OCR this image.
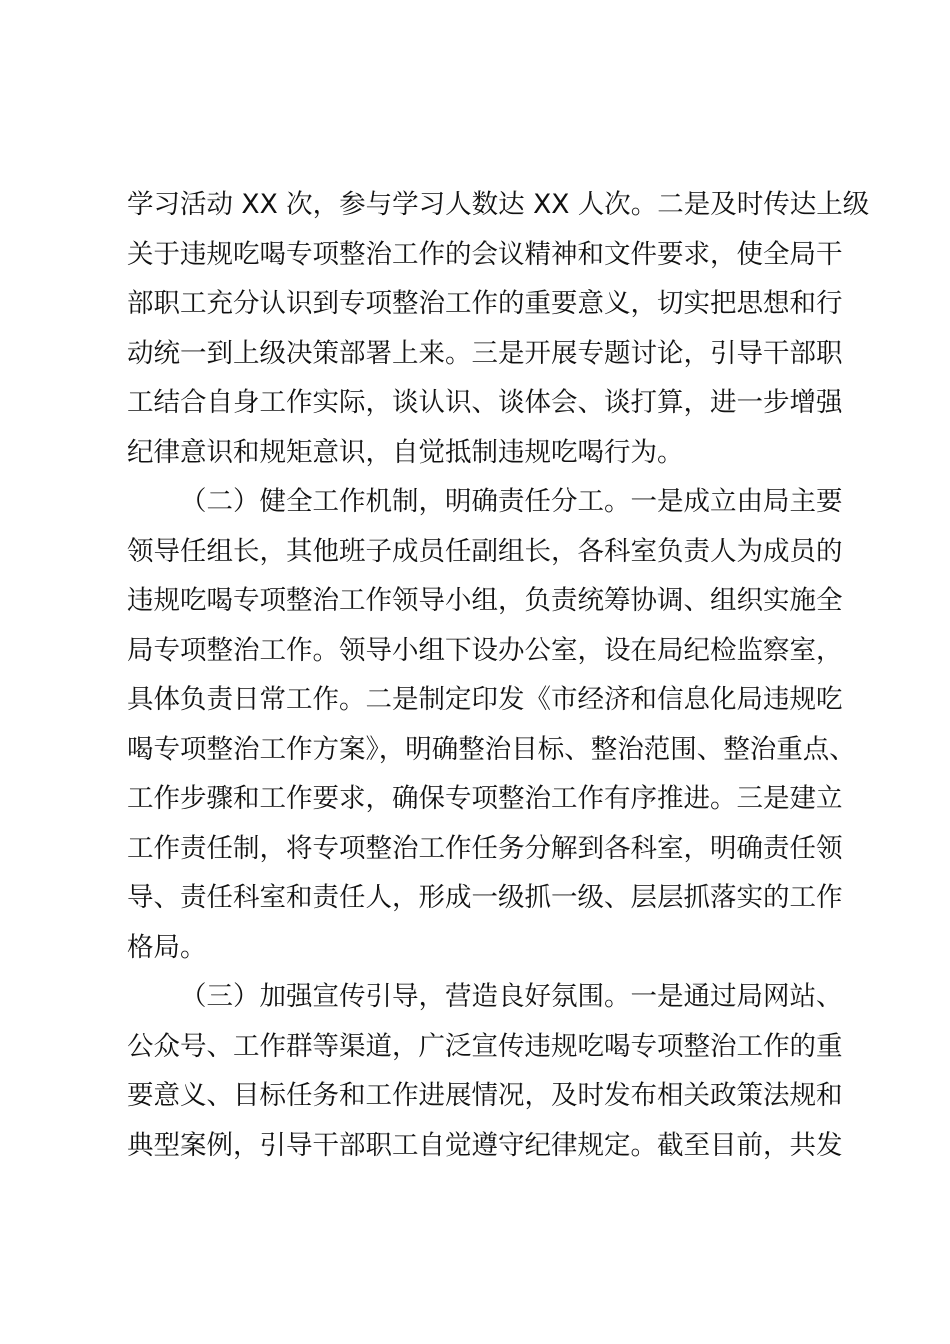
学习活动 XX 次，参与学习人数达 XX 人次。二是及时传达上级
关于违规吃喝专项整治工作的会议精神和文件要求，使全局干
部职工充分认识到专项整治工作的重要意义，切实把思想和行
动统一到上级决策部署上来。三是开展专题讨论，引导干部职
工结合自身工作实际，谈认识、谈体会、谈打算，进一步增强
纪律意识和规矩意识，自觉抵制违规吃喝行为。
（二）健全工作机制，明确责任分工。一是成立由局主要
领导任组长，其他班子成员任副组长，各科室负责人为成员的
违规吃喝专项整治工作领导小组，负责统筹协调、组织实施全
局专项整治工作。领导小组下设办公室，设在局纪检监察室，
具体负责日常工作。二是制定印发《市经济和信息化局违规吃
喝专项整治工作方案》，明确整治目标、整治范围、整治重点、
工作步骤和工作要求，确保专项整治工作有序推进。三是建立
工作责任制，将专项整治工作任务分解到各科室，明确责任领
导、责任科室和责任人，形成一级抓一级、层层抓落实的工作
格局。
（三）加强宣传引导，营造良好氛围。一是通过局网站、
公众号、工作群等渠道，广泛宣传违规吃喝专项整治工作的重
要意义、目标任务和工作进展情况，及时发布相关政策法规和
典型案例，引导干部职工自觉遵守纪律规定。截至目前，共发
